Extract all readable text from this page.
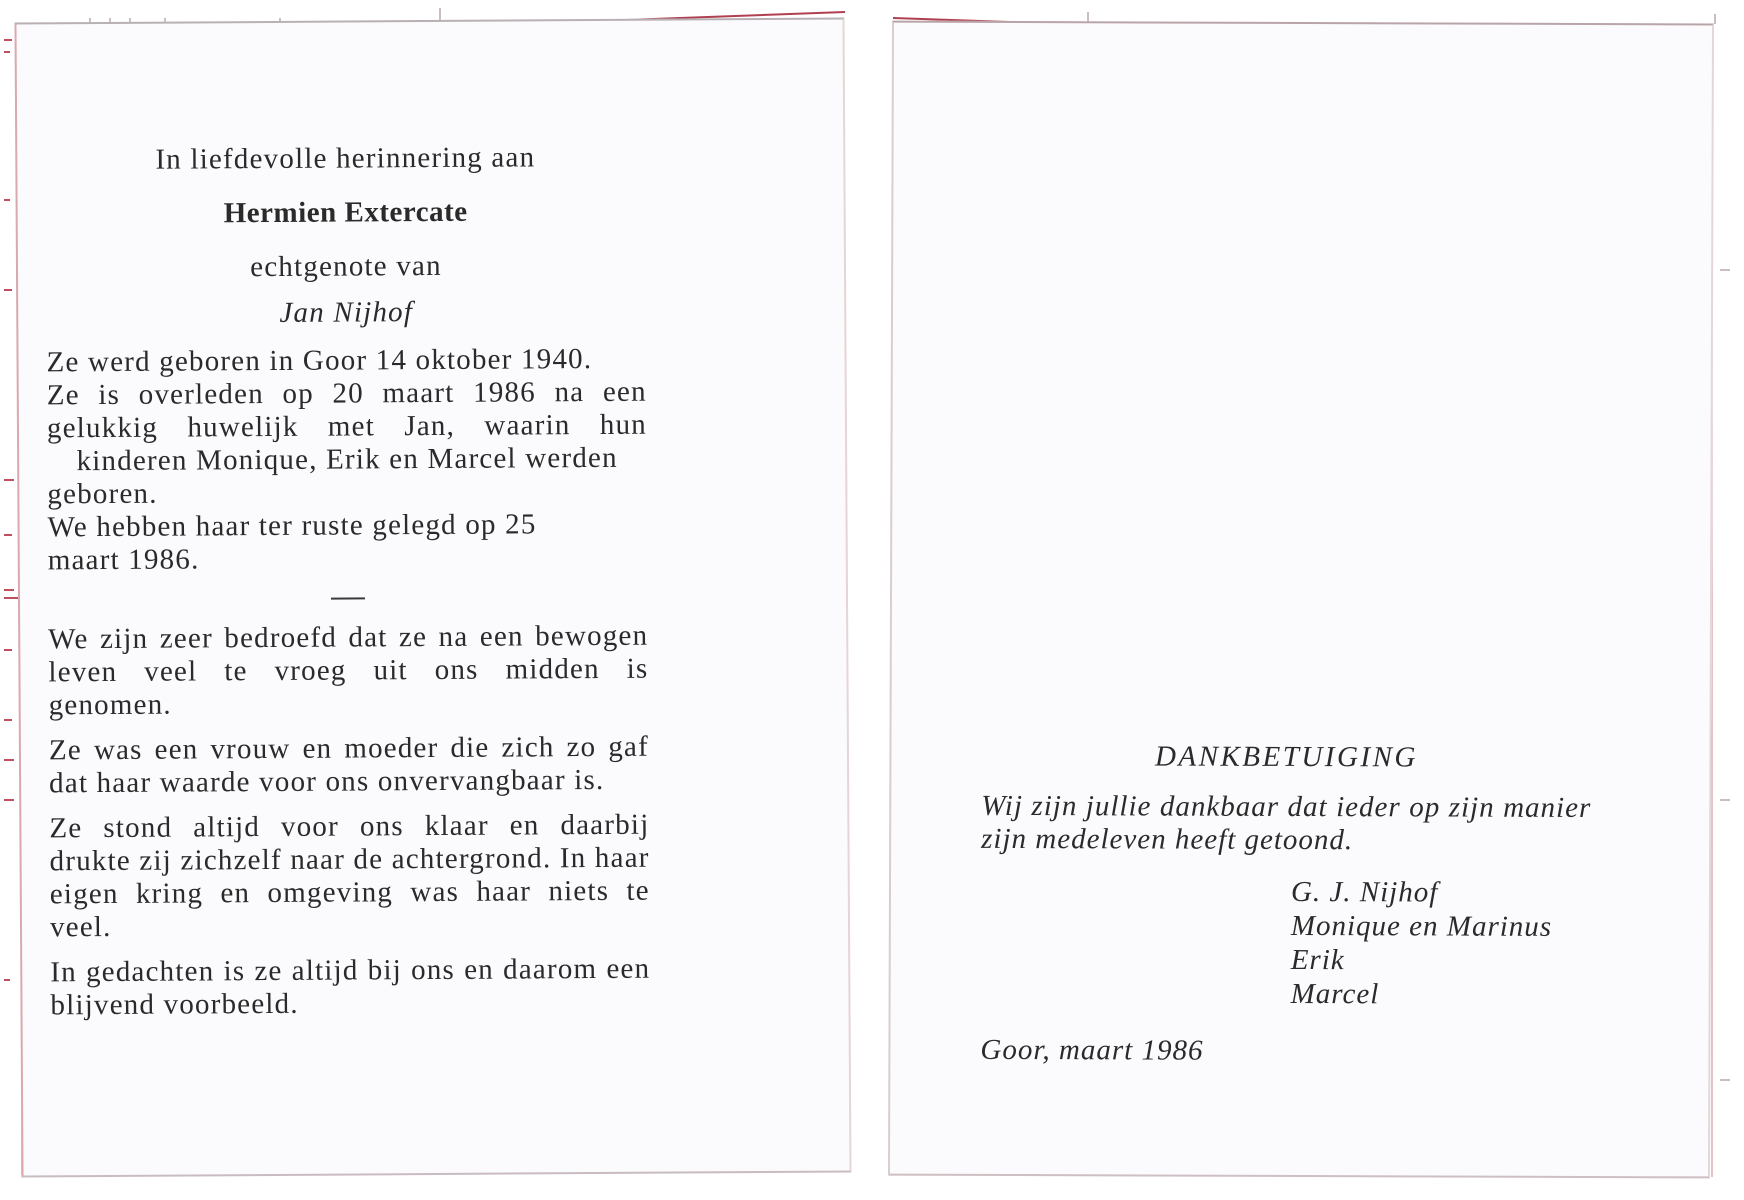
In liefdevolle herinnering aan

Hermien Extercate

echtgenote van

Jan Nijhof

Ze werd geboren in Goor 14 oktober 1940.

Ze is overleden op 20 maart 1986 na een gelukkig huwelijk met Jan, waarin hun kinderen Monique, Erik en Marcel werden

geboren.

We hebben haar ter ruste gelegd op 25

maart 1986.

We zijn zeer bedroefd dat ze na een bewogen leven veel te vroeg uit ons midden is genomen.

Ze was een vrouw en moeder die zich zo gaf dat haar waarde voor ons onvervangbaar is.

Ze stond altijd voor ons klaar en daarbij drukte zij zichzelf naar de achtergrond. In haar eigen kring en omgeving was haar niets te veel.

In gedachten is ze altijd bij ons en daarom een blijvend voorbeeld.

DANKBETUIGING

Wij zijn jullie dankbaar dat ieder op zijn manier zijn medeleven heeft getoond.

G. J. Nijhof
Monique en Marinus
Erik
Marcel

Goor, maart 1986
